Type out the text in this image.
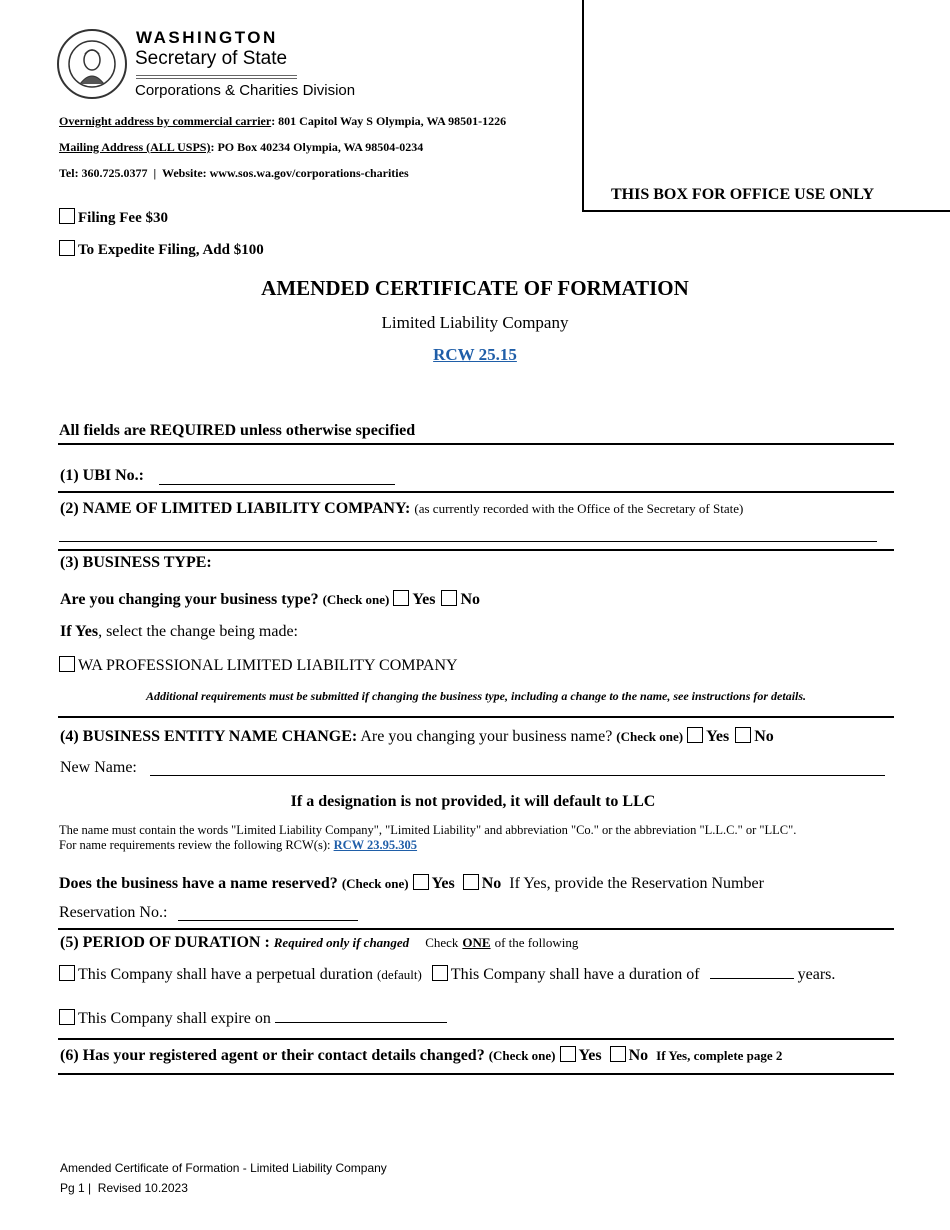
THIS BOX FOR OFFICE USE ONLY
WASHINGTON
Secretary of State
Corporations & Charities Division
Overnight address by commercial carrier: 801 Capitol Way S Olympia, WA 98501-1226
Mailing Address (ALL USPS): PO Box 40234 Olympia, WA 98504-0234
Tel: 360.725.0377  |  Website: www.sos.wa.gov/corporations-charities
Filing Fee $30
To Expedite Filing, Add $100
AMENDED CERTIFICATE OF FORMATION
Limited Liability Company
RCW 25.15
All fields are REQUIRED unless otherwise specified
(1) UBI No.:
(2) NAME OF LIMITED LIABILITY COMPANY: (as currently recorded with the Office of the Secretary of State)
(3) BUSINESS TYPE:
Are you changing your business type? (Check one) Yes No
If Yes, select the change being made:
WA PROFESSIONAL LIMITED LIABILITY COMPANY
Additional requirements must be submitted if changing the business type, including a change to the name, see instructions for details.
(4) BUSINESS ENTITY NAME CHANGE: Are you changing your business name? (Check one) Yes No
New Name:
If a designation is not provided, it will default to LLC
The name must contain the words "Limited Liability Company", "Limited Liability" and abbreviation "Co." or the abbreviation "L.L.C." or "LLC".
For name requirements review the following RCW(s): RCW 23.95.305
Does the business have a name reserved? (Check one) Yes No If Yes, provide the Reservation Number
Reservation No.:
(5) PERIOD OF DURATION : Required only if changed Check ONE of the following
This Company shall have a perpetual duration (default) This Company shall have a duration of	years.
This Company shall expire on
(6) Has your registered agent or their contact details changed? (Check one) Yes No If Yes, complete page 2
Amended Certificate of Formation - Limited Liability Company
Pg 1 |  Revised 10.2023
